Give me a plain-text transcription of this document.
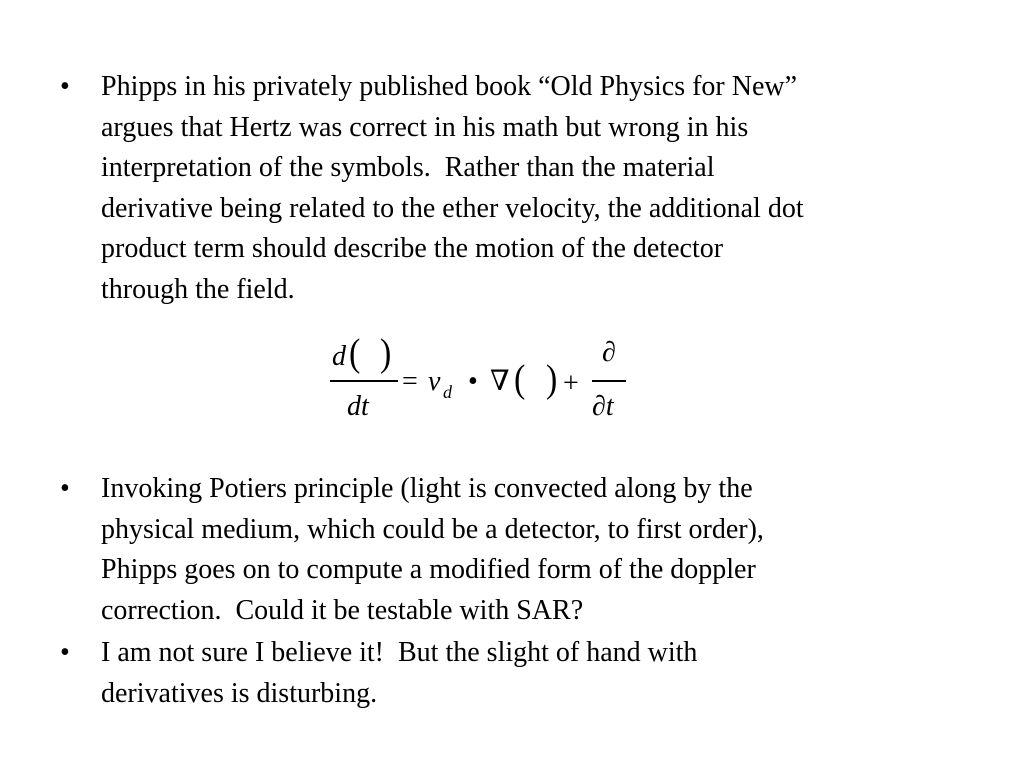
•	Phipps in his privately published book “Old Physics for New”
argues that Hertz was correct in his math but wrong in his
interpretation of the symbols.  Rather than the material
derivative being related to the ether velocity, the additional dot
product term should describe the motion of the detector
through the field.

d ( )
dt
= v d • ∇ ( ) +
∂
∂t
•	Invoking Potiers principle (light is convected along by the
physical medium, which could be a detector, to first order),
Phipps goes on to compute a modified form of the doppler
correction.  Could it be testable with SAR?

•	I am not sure I believe it!  But the slight of hand with
derivatives is disturbing.
